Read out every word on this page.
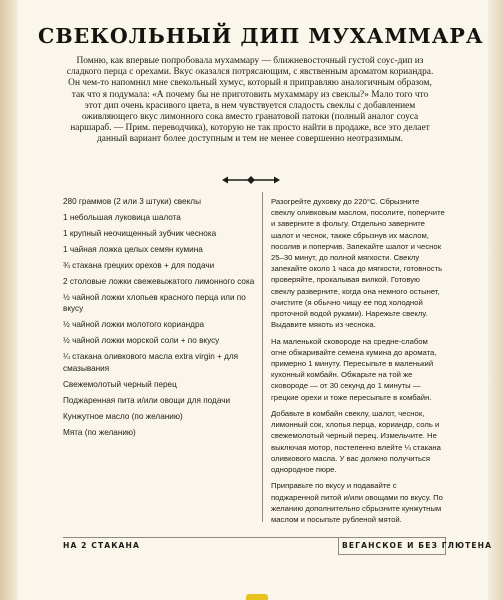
СВЕКОЛЬНЫЙ ДИП МУХАММАРА
Помню, как впервые попробовала мухаммару — ближневосточный густой соус-дип из сладкого перца с орехами. Вкус оказался потрясающим, с явственным ароматом кориандра. Он чем-то напомнил мне свекольный хумус, который я приправляю аналогичным образом, так что я подумала: «А почему бы не приготовить мухаммару из свеклы?» Мало того что этот дип очень красивого цвета, в нем чувствуется сладость свеклы с добавлением оживляющего вкус лимонного сока вместо гранатовой патоки (полный аналог соуса наршараб. — Прим. переводчика), которую не так просто найти в продаже, все это делает данный вариант более доступным и тем не менее совершенно неотразимым.
280 граммов (2 или 3 штуки) свеклы
1 небольшая луковица шалота
1 крупный неочищенный зубчик чеснока
1 чайная ложка целых семян кумина
¾ стакана грецких орехов + для подачи
2 столовые ложки свежевыжатого лимонного сока
½ чайной ложки хлопьев красного перца или по вкусу
½ чайной ложки молотого кориандра
½ чайной ложки морской соли + по вкусу
¼ стакана оливкового масла extra virgin + для смазывания
Свежемолотый черный перец
Поджаренная пита и/или овощи для подачи
Кунжутное масло (по желанию)
Мята (по желанию)

Разогрейте духовку до 220°C. Сбрызните свеклу оливковым маслом, посолите, поперчите и заверните в фольгу. Отдельно заверните шалот и чеснок, также сбрызнув их маслом, посолив и поперчив. Запекайте шалот и чеснок 25–30 минут, до полной мягкости. Свеклу запекайте около 1 часа до мягкости, готовность проверяйте, прокалывая вилкой. Готовую свеклу разверните, когда она немного остынет, очистите (я обычно чищу ее под холодной проточной водой руками). Нарежьте свеклу. Выдавите мякоть из чеснока.

На маленькой сковороде на средне-слабом огне обжаривайте семена кумина до аромата, примерно 1 минуту. Пересыпьте в маленький кухонный комбайн. Обжарьте на той же сковороде — от 30 секунд до 1 минуты — грецкие орехи и тоже пересыпьте в комбайн.

Добавьте в комбайн свеклу, шалот, чеснок, лимонный сок, хлопья перца, кориандр, соль и свежемолотый черный перец. Измельчите. Не выключая мотор, постепенно влейте ¼ стакана оливкового масла. У вас должно получиться однородное пюре.

Приправьте по вкусу и подавайте с поджаренной питой и/или овощами по вкусу. По желанию дополнительно сбрызните кунжутным маслом и посыпьте рубленой мятой.

НА 2 СТАКАНА	ВЕГАНСКОЕ И БЕЗ ГЛЮТЕНА
